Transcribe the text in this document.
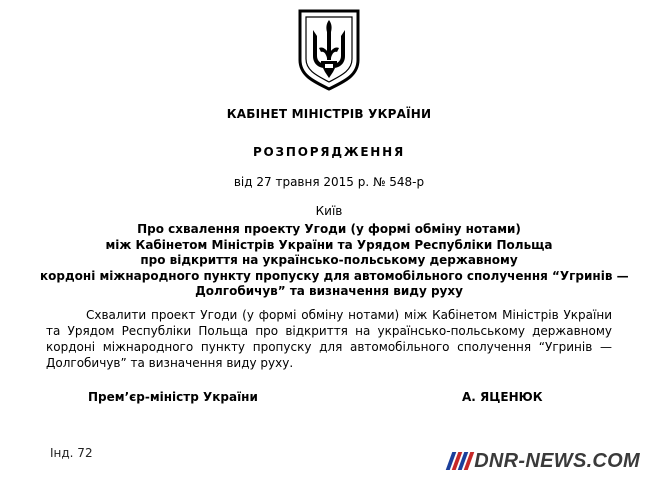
КАБІНЕТ МІНІСТРІВ УКРАЇНИ
РОЗПОРЯДЖЕННЯ
від 27 травня 2015 р. № 548-р
Київ
Про схвалення проекту Угоди (у формі обміну нотами)
між Кабінетом Міністрів України та Урядом Республіки Польща
про відкриття на українсько-польському державному
кордоні міжнародного пункту пропуску для автомобільного сполучення “Угринів —
Долгобичув” та визначення виду руху
Схвалити проект Угоди (у формі обміну нотами) між Кабінетом Міністрів України та Урядом Республіки Польща про відкриття на українсько-польському державному кордоні міжнародного пункту пропуску для автомобільного сполучення “Угринів — Долгобичув” та визначення виду руху.
Прем’єр-міністр України	А. ЯЦЕНЮК
Інд. 72	DNR-NEWS.COM
